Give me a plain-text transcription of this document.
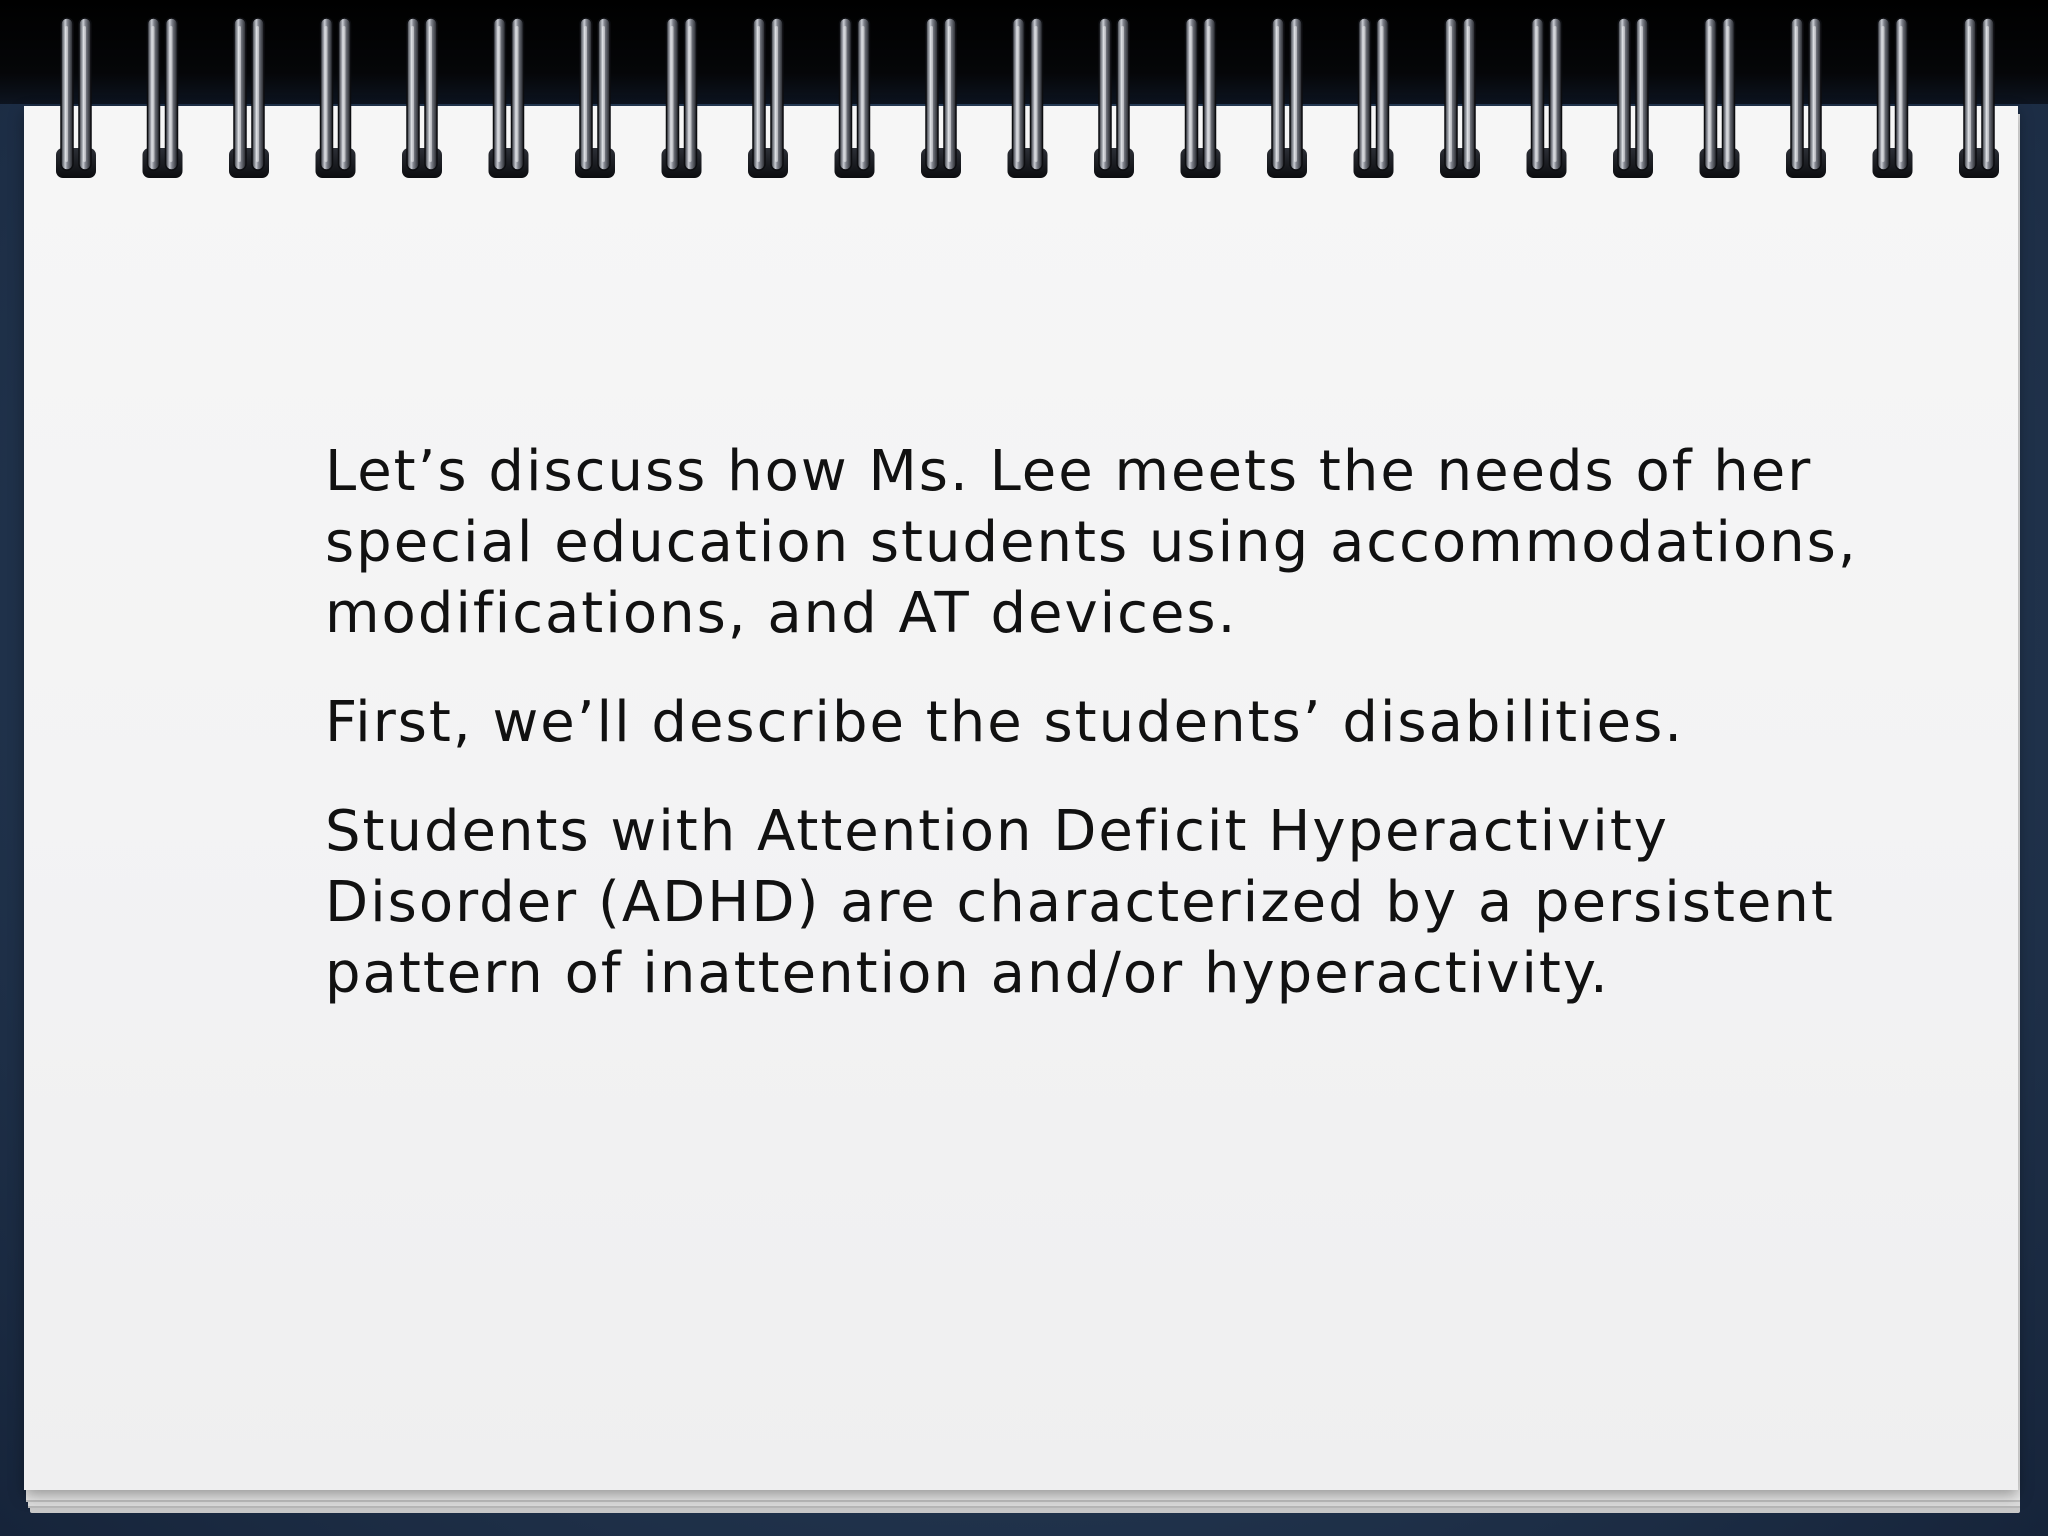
Let’s discuss how Ms. Lee meets the needs of her special education students using accommodations, modifications, and AT devices.

First, we’ll describe the students’ disabilities.

Students with Attention Deficit Hyperactivity Disorder (ADHD) are characterized by a persistent pattern of inattention and/or hyperactivity.
